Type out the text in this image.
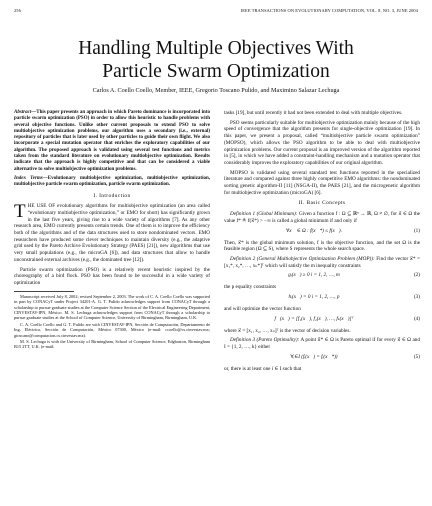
256	IEEE TRANSACTIONS ON EVOLUTIONARY COMPUTATION, VOL. 8, NO. 3, JUNE 2004
Handling Multiple Objectives With
Particle Swarm Optimization
Carlos A. Coello Coello, Member, IEEE, Gregorio Toscano Pulido, and Maximino Salazar Lechuga

Abstract—This paper presents an approach in which Pareto dominance is incorporated into particle swarm optimization (PSO) in order to allow this heuristic to handle problems with several objective functions. Unlike other current proposals to extend PSO to solve multiobjective optimization problems, our algorithm uses a secondary (i.e., external) repository of particles that is later used by other particles to guide their own flight. We also incorporate a special mutation operator that enriches the exploratory capabilities of our algorithm. The proposed approach is validated using several test functions and metrics taken from the standard literature on evolutionary multiobjective optimization. Results indicate that the approach is highly competitive and that can be considered a viable alternative to solve multiobjective optimization problems.

Index Terms—Evolutionary multiobjective optimization, multiobjective optimization, multiobjective particle swarm optimization, particle swarm optimization.

I. Introduction

THE USE OF evolutionary algorithms for multiobjective optimization (an area called “evolutionary multiobjective optimization,” or EMO for short) has significantly grown in the last five years, giving rise to a wide variety of algorithms [7]. As any other research area, EMO currently presents certain trends. One of them is to improve the efficiency both of the algorithms and of the data structures used to store nondominated vectors. EMO researchers have produced some clever techniques to maintain diversity (e.g., the adaptive grid used by the Pareto Archive Evolutionary Strategy (PAES) [21]), new algorithms that use very small populations (e.g., the microGA [6]), and data structures that allow to handle unconstrained external archives (e.g., the dominated tree [12]).

Particle swarm optimization (PSO) is a relatively recent heuristic inspired by the choreography of a bird flock. PSO has been found to be successful in a wide variety of optimization

Manuscript received July 8, 2002; revised September 2, 2003. The work of C. A. Coello Coello was supported in part by CONACyT under Project 34201-A. G. T. Pulido acknowledges support from CONACyT through a scholarship to pursue graduate studies at the Computer Science Section of the Electrical Engineering Department, CINVESTAV-IPN, México. M. S. Lechuga acknowledges support from CONACyT through a scholarship to pursue graduate studies at the School of Computer Science, University of Birmingham, Birmingham, U.K.

C. A. Coello Coello and G. T. Pulido are with CINVESTAV-IPN, Sección de Computación, Departamento de Ing. Eléctrica, Sección de Computación, México 07300, México (e-mail: ccoello@cs.cinvestav.mx; gtoscano@computacion.cs.cinvestav.mx).

M. S. Lechuga is with the University of Birmingham, School of Computer Science, Edgbaston, Birmingham B15 2TT, U.K. (e-mail:

tasks [19], but until recently it had not been extended to deal with multiple objectives.

PSO seems particularly suitable for multiobjective optimization mainly because of the high speed of convergence that the algorithm presents for single-objective optimization [19]. In this paper, we present a proposal, called “multiobjective particle swarm optimization” (MOPSO), which allows the PSO algorithm to be able to deal with multiobjective optimization problems. Our current proposal is an improved version of the algorithm reported in [5], in which we have added a constraint-handling mechanism and a mutation operator that considerably improves the exploratory capabilities of our original algorithm.

MOPSO is validated using several standard test functions reported in the specialized literature and compared against three highly competitive EMO algorithms: the nondominated sorting genetic algorithm-II [11] (NSGA-II), the PAES [21], and the microgenetic algorithm for multiobjective optimization (microGA) [6].

II. Basic Concepts

Definition 1 (Global Minimum): Given a function f : Ω ⊆ ℝⁿ → ℝ, Ω ≠ ∅, for x⃗ ∈ Ω the value f* ≜ f(x⃗*) > −∞ is called a global minimum if and only if

∀x⃗ ∈ Ω : f(x⃗*) ≤ f(x⃗).	(1)

Then, x⃗* is the global minimum solution, f is the objective function, and the set Ω is the feasible region (Ω ⊆ S), where S represents the whole search space.

Definition 2 (General Multiobjective Optimization Problem (MOP)): Find the vector x⃗* = [x₁*, x₂*, …, xₙ*]ᵀ which will satisfy the m inequality constraints

gᵢ(x⃗) ≥ 0 i = 1, 2, …, m	(2)

the p equality constraints

hᵢ(x⃗) = 0 i = 1, 2, …, p	(3)

and will optimize the vector function

f⃗(x⃗) = [f₁(x⃗), f₂(x⃗), …, fₖ(x⃗)]ᵀ	(4)

where x⃗ = [x₁, x₂, …, xₙ]ᵀ is the vector of decision variables.

Definition 3 (Pareto Optimality): A point x⃗* ∈ Ω is Pareto optimal if for every x⃗ ∈ Ω and I = {1, 2, …, k} either

∀ᵢ∈I (fᵢ(x⃗) = fᵢ(x⃗*))	(5)

or, there is at least one i ∈ I such that
